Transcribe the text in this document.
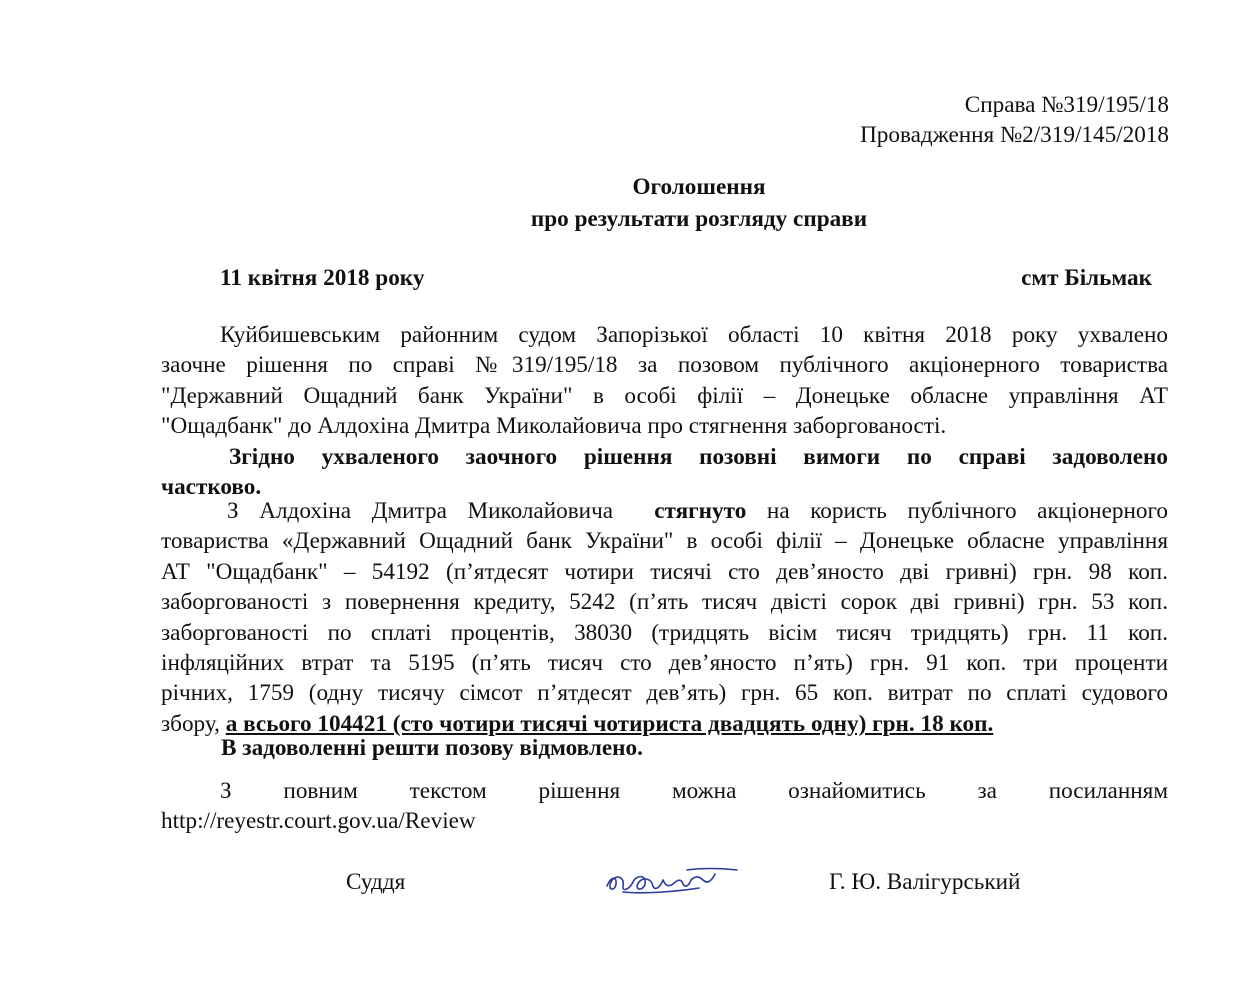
Справа №319/195/18
Провадження №2/319/145/2018
Оголошення
про результати розгляду справи
11 квітня 2018 року	смт Більмак
Куйбишевським районним судом Запорізької області 10 квітня 2018 року ухвалено
заочне рішення по справі №319/195/18 за позовом публічного акціонерного товариства
"Державний Ощадний банк України" в особі філії – Донецьке обласне управління АТ
"Ощадбанк" до Алдохіна Дмитра Миколайовича про стягнення заборгованості.
Згідно ухваленого заочного рішення позовні вимоги по справі задоволено
частково.
З Алдохіна Дмитра Миколайовича стягнуто на користь публічного акціонерного
товариства «Державний Ощадний банк України" в особі філії – Донецьке обласне управління
АТ "Ощадбанк" – 54192 (п’ятдесят чотири тисячі сто дев’яносто дві гривні) грн. 98 коп.
заборгованості з повернення кредиту, 5242 (п’ять тисяч двісті сорок дві гривні) грн. 53 коп.
заборгованості по сплаті процентів, 38030 (тридцять вісім тисяч тридцять) грн. 11 коп.
інфляційних втрат та 5195 (п’ять тисяч сто дев’яносто п’ять) грн. 91 коп. три проценти
річних, 1759 (одну тисячу сімсот п’ятдесят дев’ять) грн. 65 коп. витрат по сплаті судового
збору, а всього 104421 (сто чотири тисячі чотириста двадцять одну) грн. 18 коп.
В задоволенні решти позову відмовлено.
З повним текстом рішення можна ознайомитись за посиланням
http://reyestr.court.gov.ua/Review
Суддя	Г. Ю. Валігурський
